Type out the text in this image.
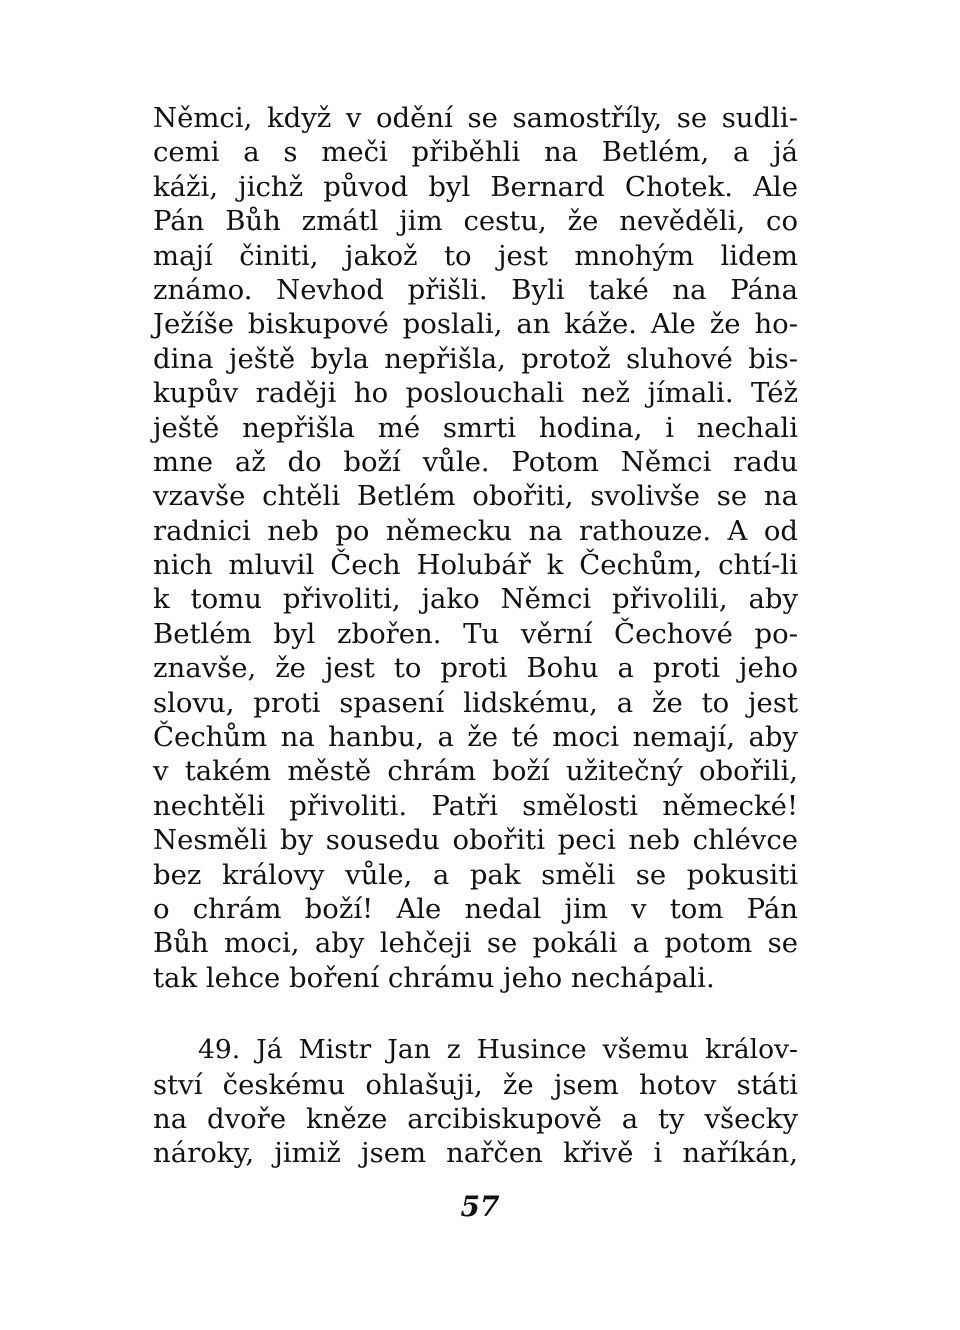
Němci, když v odění se samostříly, se sudli-
cemi a s meči přiběhli na Betlém, a já
káži, jichž původ byl Bernard Chotek. Ale
Pán Bůh zmátl jim cestu, že nevěděli, co
mají činiti, jakož to jest mnohým lidem
známo. Nevhod přišli. Byli také na Pána
Ježíše biskupové poslali, an káže. Ale že ho-
dina ještě byla nepřišla, protož sluhové bis-
kupův raději ho poslouchali než jímali. Též
ještě nepřišla mé smrti hodina, i nechali
mne až do boží vůle. Potom Němci radu
vzavše chtěli Betlém obořiti, svolivše se na
radnici neb po německu na rathouze. A od
nich mluvil Čech Holubář k Čechům, chtí-li
k tomu přivoliti, jako Němci přivolili, aby
Betlém byl zbořen. Tu věrní Čechové po-
znavše, že jest to proti Bohu a proti jeho
slovu, proti spasení lidskému, a že to jest
Čechům na hanbu, a že té moci nemají, aby
v takém městě chrám boží užitečný obořili,
nechtěli přivoliti. Patři smělosti německé!
Nesměli by sousedu obořiti peci neb chlévce
bez královy vůle, a pak směli se pokusiti
o chrám boží! Ale nedal jim v tom Pán
Bůh moci, aby lehčeji se pokáli a potom se
tak lehce boření chrámu jeho nechápali.
49. Já Mistr Jan z Husince všemu králov-
ství českému ohlašuji, že jsem hotov státi
na dvoře kněze arcibiskupově a ty všecky
nároky, jimiž jsem nařčen křivě i naříkán,
57
